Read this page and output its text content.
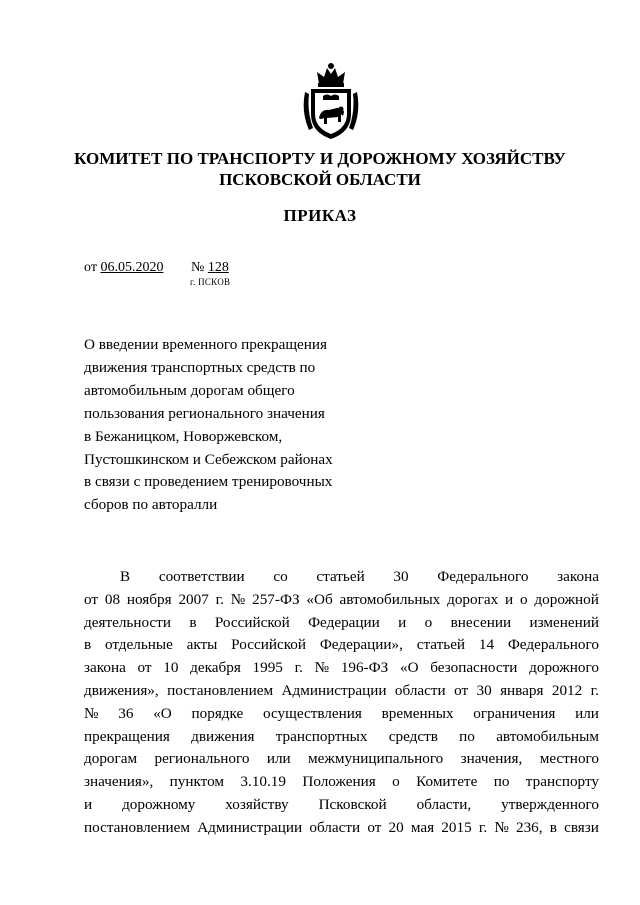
КОМИТЕТ ПО ТРАНСПОРТУ И ДОРОЖНОМУ ХОЗЯЙСТВУ
ПСКОВСКОЙ ОБЛАСТИ
ПРИКАЗ
от 06.05.2020 № 128
г. ПСКОВ
О введении временного прекращения
движения транспортных средств по
автомобильным дорогам общего
пользования регионального значения
в Бежаницком, Новоржевском,
Пустошкинском и Себежском районах
в связи с проведением тренировочных
сборов по авторалли
В соответствии со статьей 30 Федерального закона
от 08 ноября 2007 г. № 257-ФЗ «Об автомобильных дорогах и о дорожной
деятельности в Российской Федерации и о внесении изменений
в отдельные акты Российской Федерации», статьей 14 Федерального
закона от 10 декабря 1995 г. № 196-ФЗ «О безопасности дорожного
движения», постановлением Администрации области от 30 января 2012 г.
№ 36 «О порядке осуществления временных ограничения или
прекращения движения транспортных средств по автомобильным
дорогам регионального или межмуниципального значения, местного
значения», пунктом 3.10.19 Положения о Комитете по транспорту
и дорожному хозяйству Псковской области, утвержденного
постановлением Администрации области от 20 мая 2015 г. № 236, в связи
